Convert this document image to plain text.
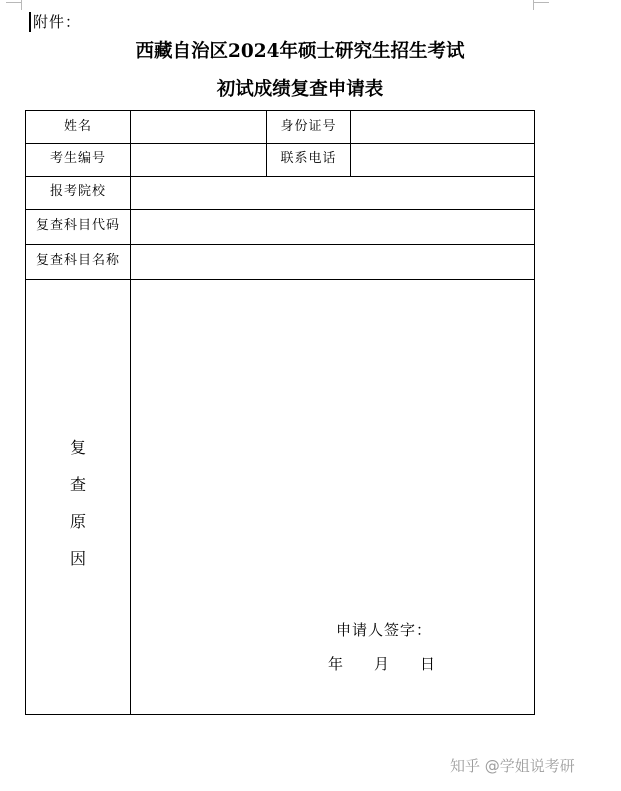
附件：
西藏自治区2024年硕士研究生招生考试
初试成绩复查申请表
姓名	身份证号
考生编号	联系电话
报考院校
复查科目代码
复查科目名称
复
查
原
因
申请人签字：
年 月 日
知乎 @学姐说考研
